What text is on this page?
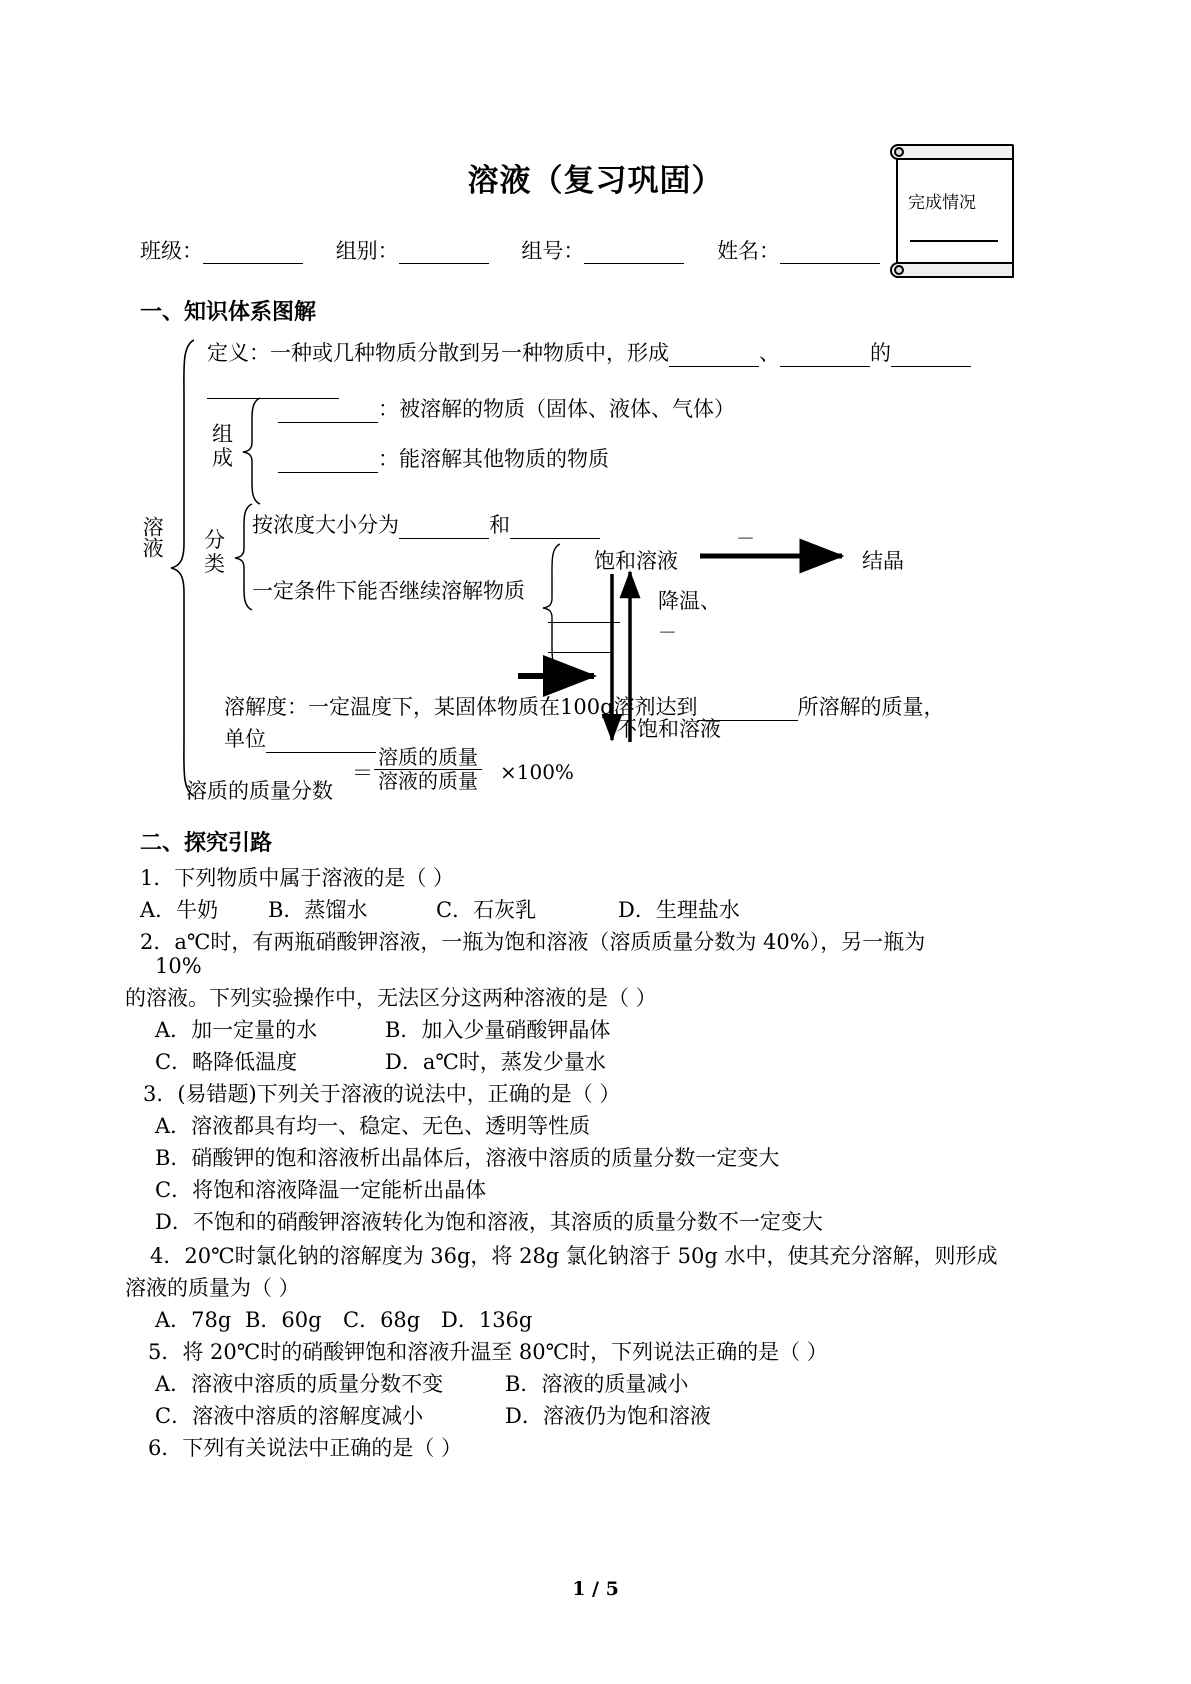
溶液（复习巩固）
完成情况
班级：	组别：	组号：	姓名：
一、知识体系图解
溶液
定义：一种或几种物质分散到另一种物质中，形成	、	的

组
成
：被溶解的物质（固体、液体、气体）
：能溶解其他物质的物质
分
类
按浓度大小分为	和
一定条件下能否继续溶解物质
饱和溶液	结晶
－
降温、
－

不饱和溶液
溶解度：一定温度下，某固体物质在100g溶剂达到	所溶解的质量，
单位
溶质的质量分数
＝
溶质的质量
溶液的质量 ×100%
二、探究引路
1．下列物质中属于溶液的是（ ）
A．牛奶 B．蒸馏水	C．石灰乳	D．生理盐水
2．a℃时，有两瓶硝酸钾溶液，一瓶为饱和溶液（溶质质量分数为 40%），另一瓶为
10%
的溶液。下列实验操作中，无法区分这两种溶液的是（ ）
A．加一定量的水	B．加入少量硝酸钾晶体
C．略降低温度	D．a℃时，蒸发少量水
3．(易错题)下列关于溶液的说法中，正确的是（ ）
A．溶液都具有均一、稳定、无色、透明等性质
B．硝酸钾的饱和溶液析出晶体后，溶液中溶质的质量分数一定变大
C．将饱和溶液降温一定能析出晶体
D．不饱和的硝酸钾溶液转化为饱和溶液，其溶质的质量分数不一定变大
4．20℃时氯化钠的溶解度为 36g，将 28g 氯化钠溶于 50g 水中，使其充分溶解，则形成
溶液的质量为（ ）
A．78g B．60g C．68g D．136g
5．将 20℃时的硝酸钾饱和溶液升温至 80℃时，下列说法正确的是（ ）
A．溶液中溶质的质量分数不变	B．溶液的质量减小
C．溶液中溶质的溶解度减小	D．溶液仍为饱和溶液
6．下列有关说法中正确的是（ ）
1 / 5
